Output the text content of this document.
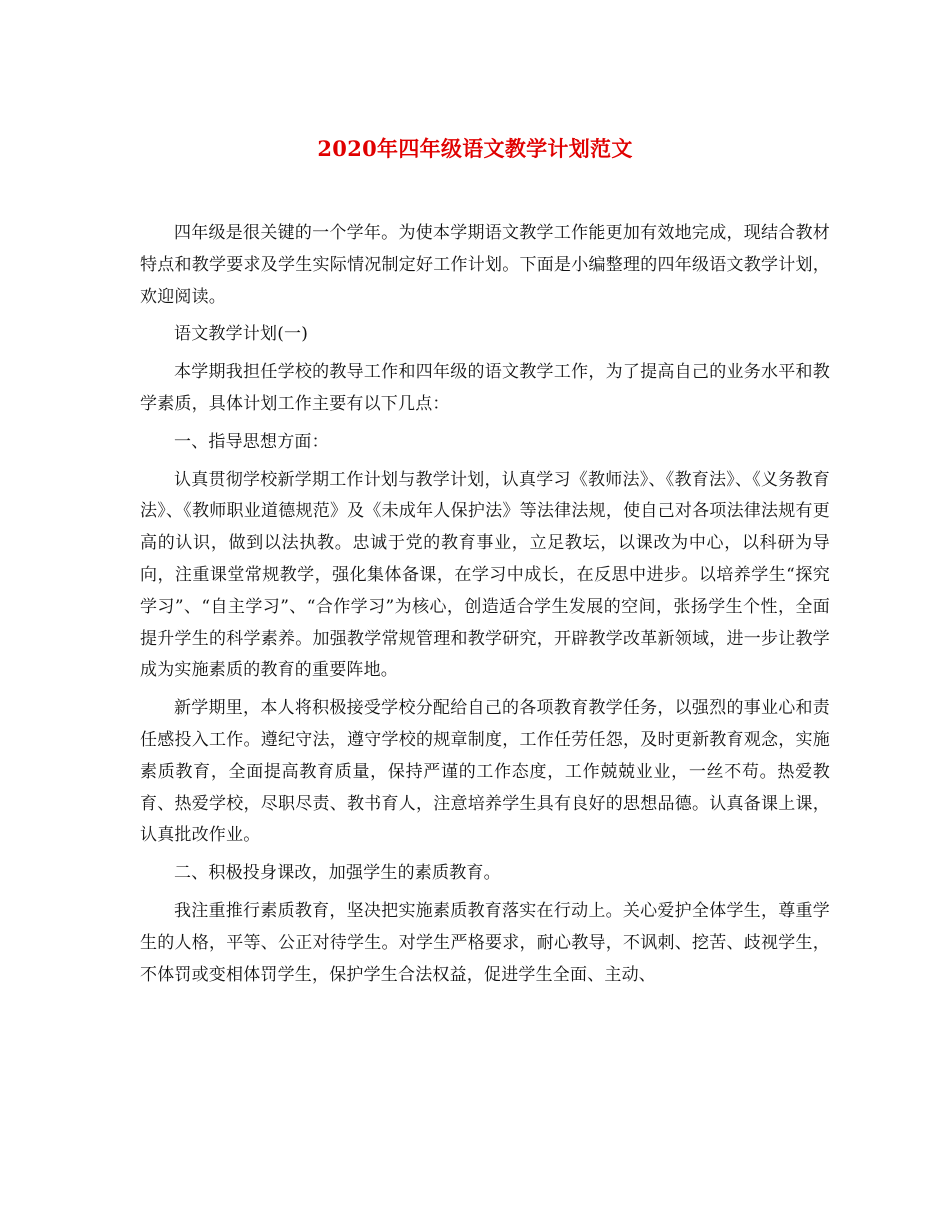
2020年四年级语文教学计划范文

四年级是很关键的一个学年。为使本学期语文教学工作能更加有效地完成，现结合教材特点和教学要求及学生实际情况制定好工作计划。下面是小编整理的四年级语文教学计划，欢迎阅读。

语文教学计划(一)

本学期我担任学校的教导工作和四年级的语文教学工作，为了提高自己的业务水平和教学素质，具体计划工作主要有以下几点：

一、指导思想方面：

认真贯彻学校新学期工作计划与教学计划，认真学习《教师法》、《教育法》、《义务教育法》、《教师职业道德规范》及《未成年人保护法》等法律法规，使自己对各项法律法规有更高的认识，做到以法执教。忠诚于党的教育事业，立足教坛，以课改为中心，以科研为导向，注重课堂常规教学，强化集体备课，在学习中成长，在反思中进步。以培养学生“探究学习”、“自主学习”、“合作学习”为核心，创造适合学生发展的空间，张扬学生个性，全面提升学生的科学素养。加强教学常规管理和教学研究，开辟教学改革新领域，进一步让教学成为实施素质的教育的重要阵地。

新学期里，本人将积极接受学校分配给自己的各项教育教学任务，以强烈的事业心和责任感投入工作。遵纪守法，遵守学校的规章制度，工作任劳任怨，及时更新教育观念，实施素质教育，全面提高教育质量，保持严谨的工作态度，工作兢兢业业，一丝不苟。热爱教育、热爱学校，尽职尽责、教书育人，注意培养学生具有良好的思想品德。认真备课上课，认真批改作业。

二、积极投身课改，加强学生的素质教育。

我注重推行素质教育，坚决把实施素质教育落实在行动上。关心爱护全体学生，尊重学生的人格，平等、公正对待学生。对学生严格要求，耐心教导，不讽刺、挖苦、歧视学生，不体罚或变相体罚学生，保护学生合法权益，促进学生全面、主动、
